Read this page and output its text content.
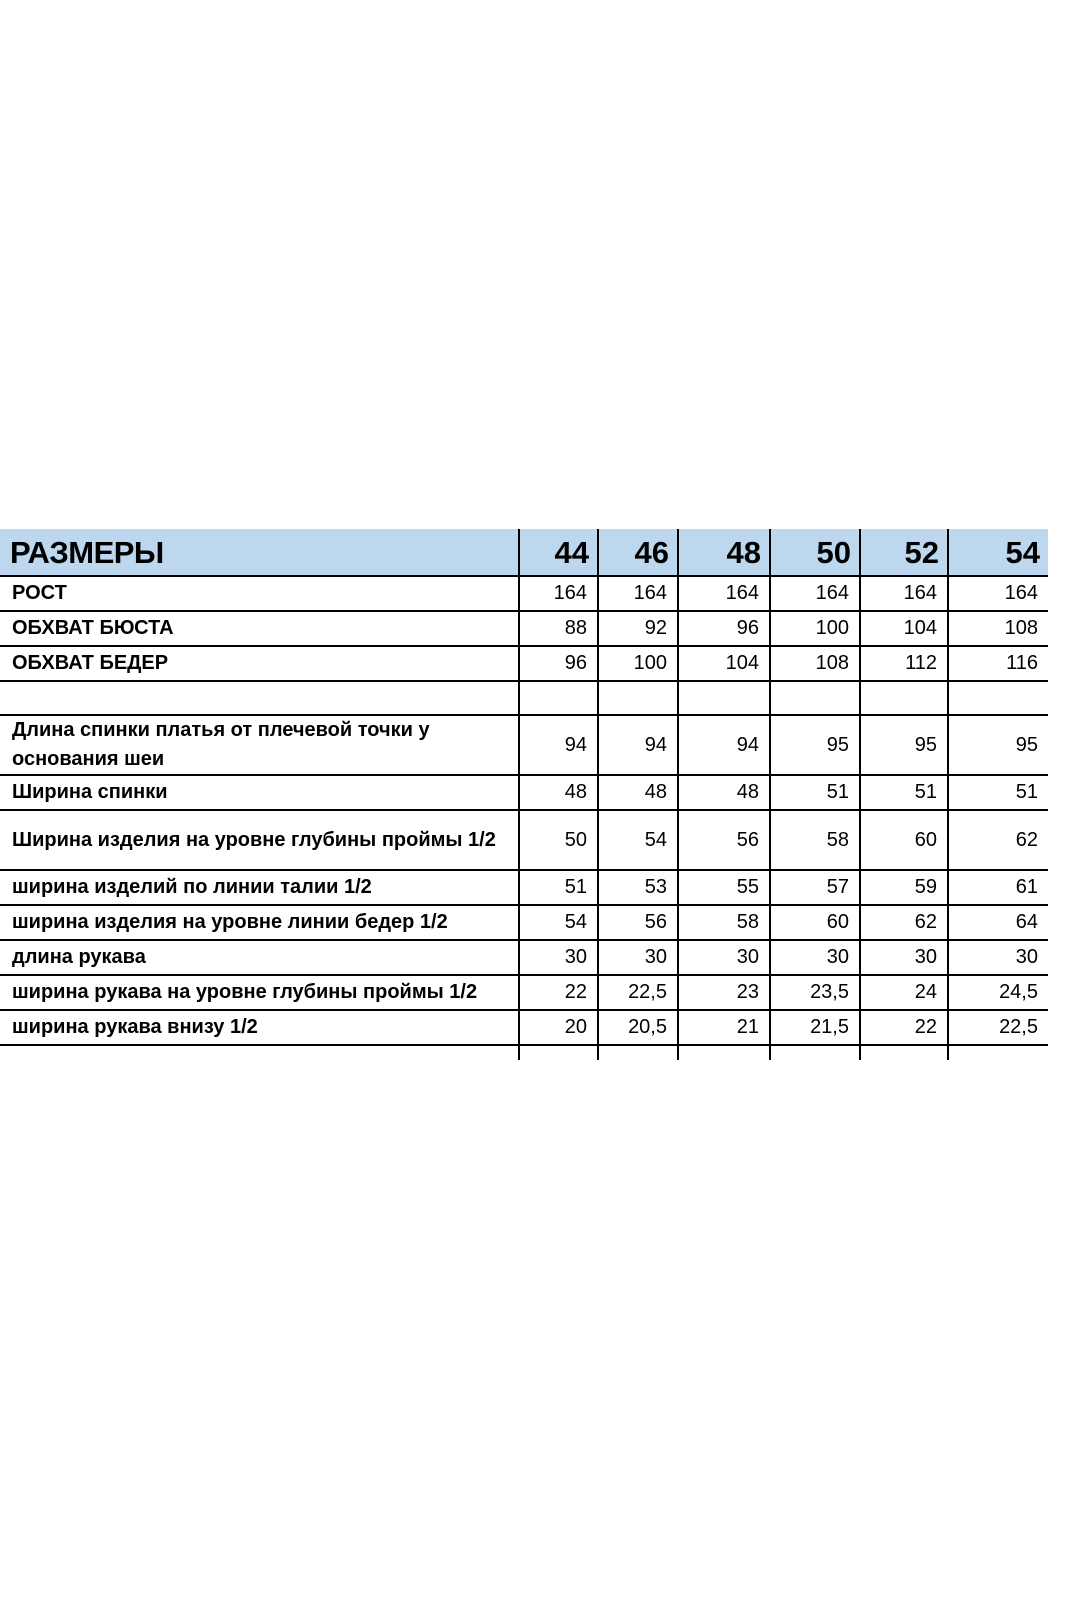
РАЗМЕРЫ	44	46	48	50	52	54
РОСТ	164	164	164	164	164	164
ОБХВАТ БЮСТА	88	92	96	100	104	108
ОБХВАТ БЕДЕР	96	100	104	108	112	116

Длина спинки платья от плечевой точки у основания шеи	94	94	94	95	95	95
Ширина спинки	48	48	48	51	51	51
Ширина изделия на уровне глубины проймы 1/2	50	54	56	58	60	62
ширина изделий по линии талии 1/2	51	53	55	57	59	61
ширина изделия на уровне линии бедер 1/2	54	56	58	60	62	64
длина рукава	30	30	30	30	30	30
ширина рукава на уровне глубины проймы 1/2	22	22,5	23	23,5	24	24,5
ширина рукава внизу 1/2	20	20,5	21	21,5	22	22,5
